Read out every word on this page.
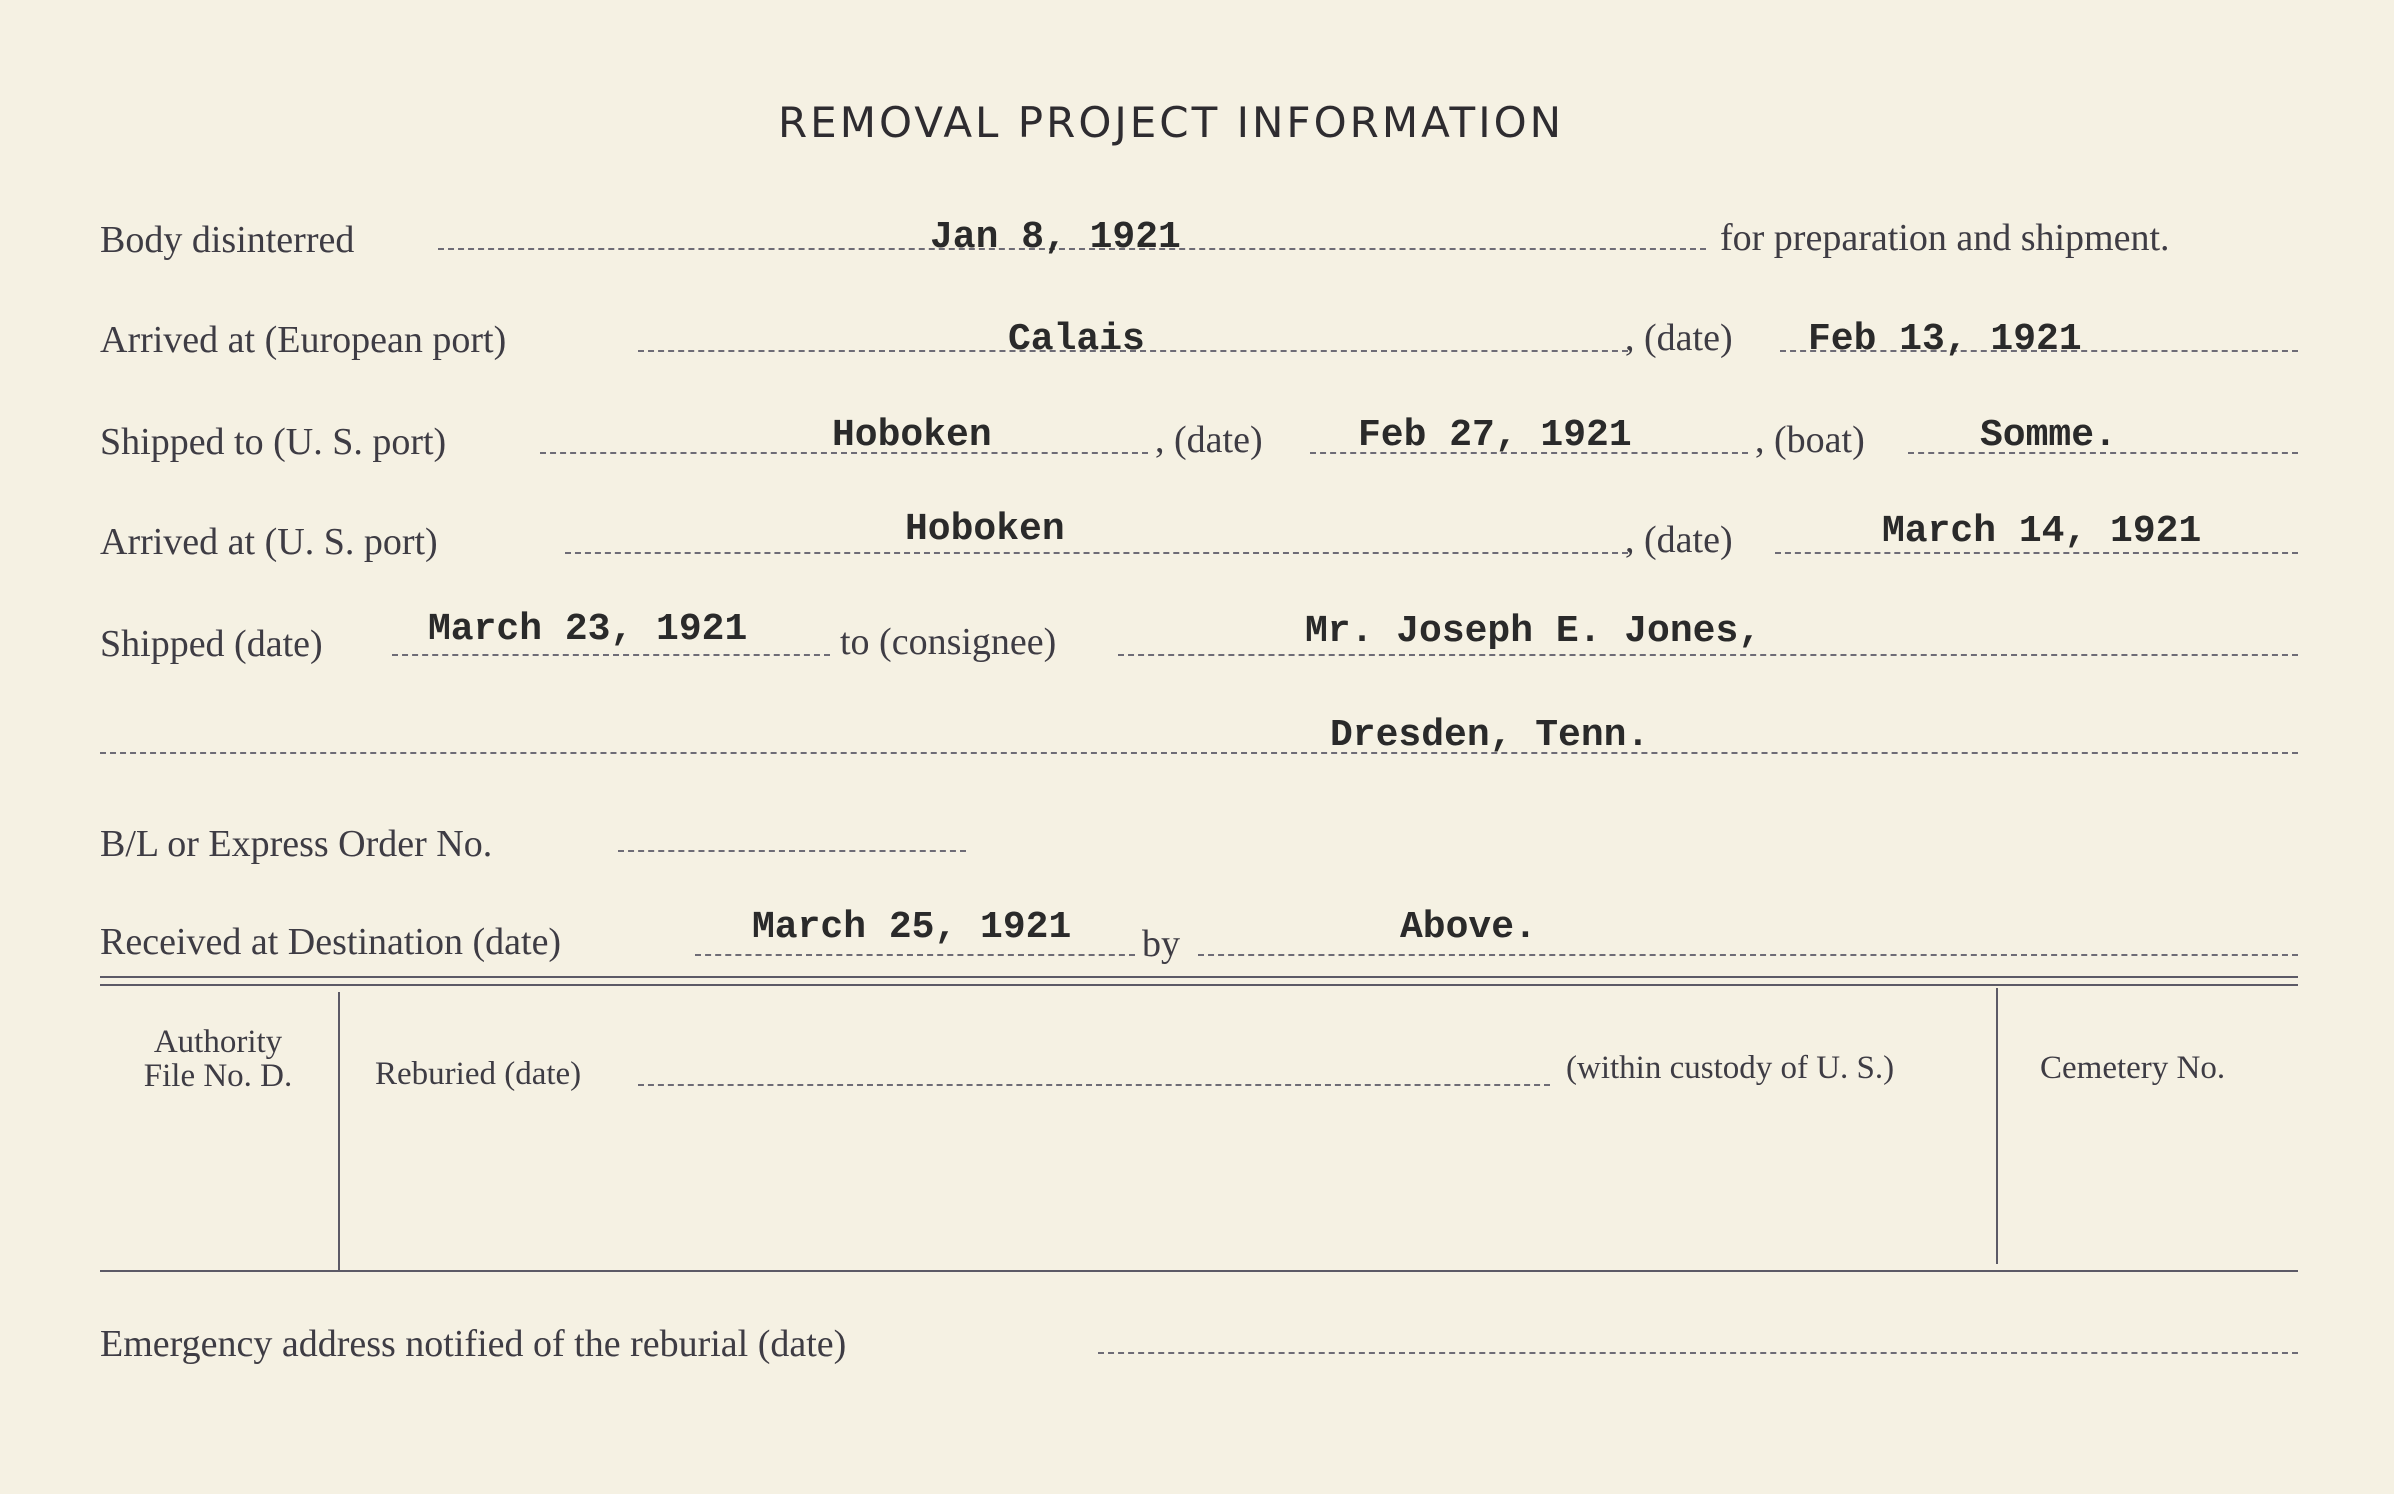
REMOVAL PROJECT INFORMATION
Body disinterred	Jan 8, 1921	for preparation and shipment.
Arrived at (European port)	Calais	, (date) Feb 13, 1921
Shipped to (U. S. port)	Hoboken	, (date)	Feb 27, 1921	, (boat)	Somme.
Arrived at (U. S. port)	Hoboken	, (date)	March 14, 1921
Shipped (date)	March 23, 1921 to (consignee)	Mr. Joseph E. Jones,
Dresden, Tenn.
B/L or Express Order No.
Received at Destination (date)	March 25, 1921 by	Above.
Authority
File No. D.	Reburied (date)	(within custody of U. S.)	Cemetery No.
Emergency address notified of the reburial (date)
